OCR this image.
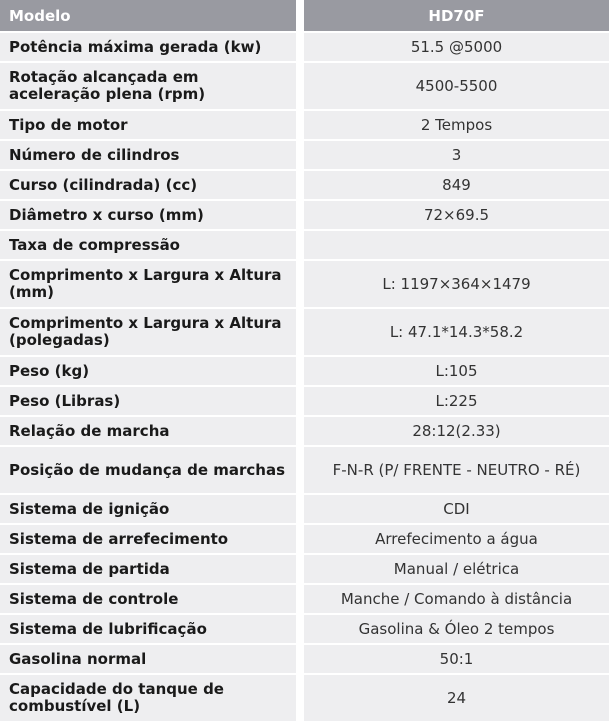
Modelo	HD70F
Potência máxima gerada (kw)	51.5 @5000
Rotação alcançada em aceleração plena (rpm)	4500-5500
Tipo de motor	2 Tempos
Número de cilindros	3
Curso (cilindrada) (cc)	849
Diâmetro x curso (mm)	72×69.5
Taxa de compressão	
Comprimento x Largura x Altura (mm)	L: 1197×364×1479
Comprimento x Largura x Altura (polegadas)	L: 47.1*14.3*58.2
Peso (kg)	L:105
Peso (Libras)	L:225
Relação de marcha	28:12(2.33)
Posição de mudança de marchas	F-N-R (P/ FRENTE - NEUTRO - RÉ)
Sistema de ignição	CDI
Sistema de arrefecimento	Arrefecimento a água
Sistema de partida	Manual / elétrica
Sistema de controle	Manche / Comando à distância
Sistema de lubrificação	Gasolina & Óleo 2 tempos
Gasolina normal	50:1
Capacidade do tanque de combustível (L)	24
